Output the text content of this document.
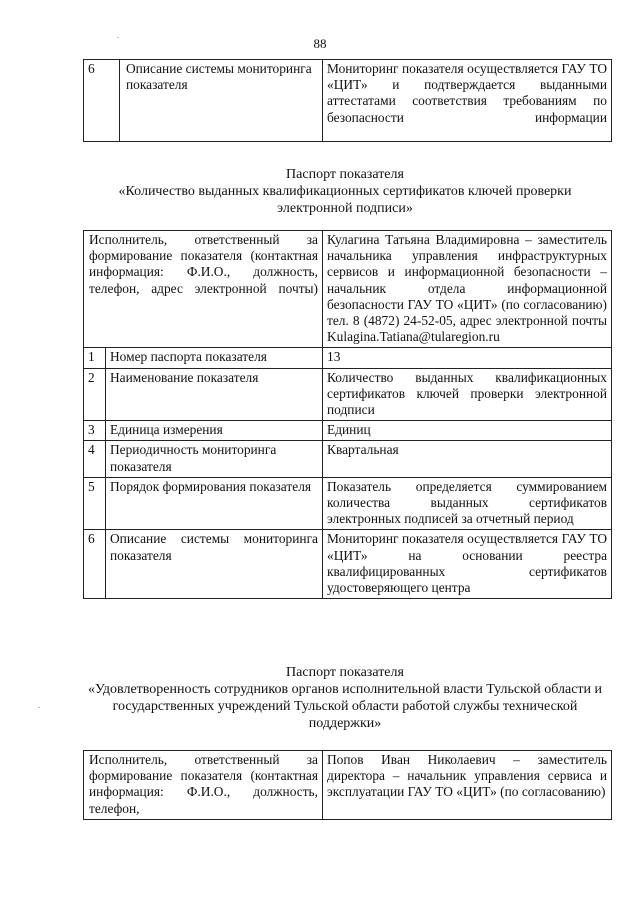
88
.
.
6	Описание системы мониторинга показателя	Мониторинг показателя осуществляется ГАУ ТО «ЦИТ» и подтверждается выданными аттестатами соответствия требованиям по безопасности информации
Паспорт показателя
«Количество выданных квалификационных сертификатов ключей проверки электронной подписи»
Исполнитель, ответственный за формирование показателя (контактная информация: Ф.И.О., должность, телефон, адрес электронной почты)		Кулагина Татьяна Владимировна – заместитель начальника управления инфраструктурных сервисов и информационной безопасности – начальник отдела информационной безопасности ГАУ ТО «ЦИТ» (по согласованию)
тел. 8 (4872) 24-52-05, адрес электронной почты Kulagina.Tatiana@tularegion.ru

1	Номер паспорта показателя	13
2	Наименование показателя	Количество выданных квалификационных сертификатов ключей проверки электронной подписи
3	Единица измерения	Единиц
4	Периодичность мониторинга показателя	Квартальная
5	Порядок формирования показателя	Показатель определяется суммированием количества выданных сертификатов электронных подписей за отчетный период
6	Описание системы мониторинга показателя	Мониторинг показателя осуществляется ГАУ ТО «ЦИТ» на основании реестра квалифицированных сертификатов удостоверяющего центра
Паспорт показателя
«Удовлетворенность сотрудников органов исполнительной власти Тульской области и государственных учреждений Тульской области работой службы технической поддержки»
Исполнитель, ответственный за формирование показателя (контактная информация: Ф.И.О., должность, телефон,	Попов Иван Николаевич – заместитель директора – начальник управления сервиса и эксплуатации ГАУ ТО «ЦИТ» (по согласованию)
